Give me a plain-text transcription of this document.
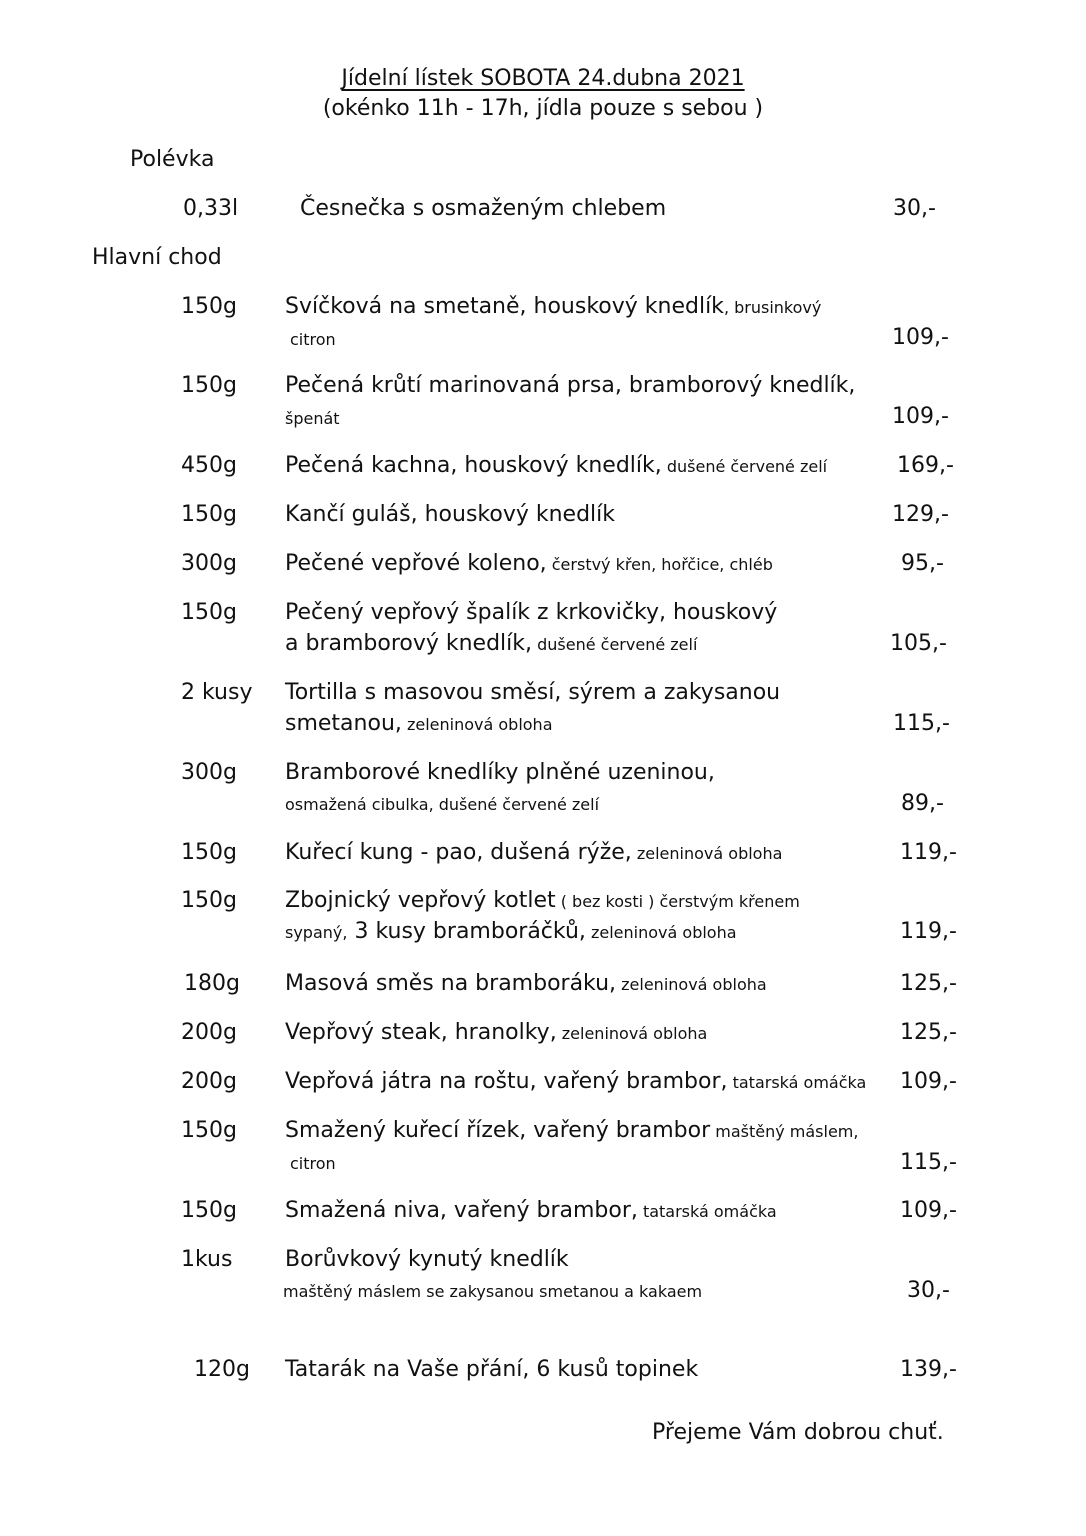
Jídelní lístek SOBOTA 24.dubna 2021
(okénko 11h - 17h, jídla pouze s sebou )
Polévka
Hlavní chod
0,33l	Česnečka s osmaženým chlebem	30,-
150g Svíčková na smetaně, houskový knedlík, brusinkový
citron	109,-
150g Pečená krůtí marinovaná prsa, bramborový knedlík,
špenát	109,-
450g Pečená kachna, houskový knedlík, dušené červené zelí	169,-
150g Kančí guláš, houskový knedlík	129,-
300g Pečené vepřové koleno, čerstvý křen, hořčice, chléb	95,-
150g Pečený vepřový špalík z krkovičky, houskový
a bramborový knedlík, dušené červené zelí	105,-
2 kusy Tortilla s masovou směsí, sýrem a zakysanou
smetanou, zeleninová obloha	115,-
300g Bramborové knedlíky plněné uzeninou,
osmažená cibulka, dušené červené zelí	89,-
150g Kuřecí kung - pao, dušená rýže, zeleninová obloha	119,-
150g Zbojnický vepřový kotlet ( bez kosti ) čerstvým křenem
sypaný, 3 kusy bramboráčků, zeleninová obloha	119,-
180g Masová směs na bramboráku, zeleninová obloha	125,-
200g Vepřový steak, hranolky, zeleninová obloha	125,-
200g Vepřová játra na roštu, vařený brambor, tatarská omáčka 109,-
150g Smažený kuřecí řízek, vařený brambor maštěný máslem,
citron	115,-
150g Smažená niva, vařený brambor, tatarská omáčka	109,-
1kus Borůvkový kynutý knedlík
maštěný máslem se zakysanou smetanou a kakaem	30,-
120g Tatarák na Vaše přání, 6 kusů topinek	139,-
Přejeme Vám dobrou chuť.
